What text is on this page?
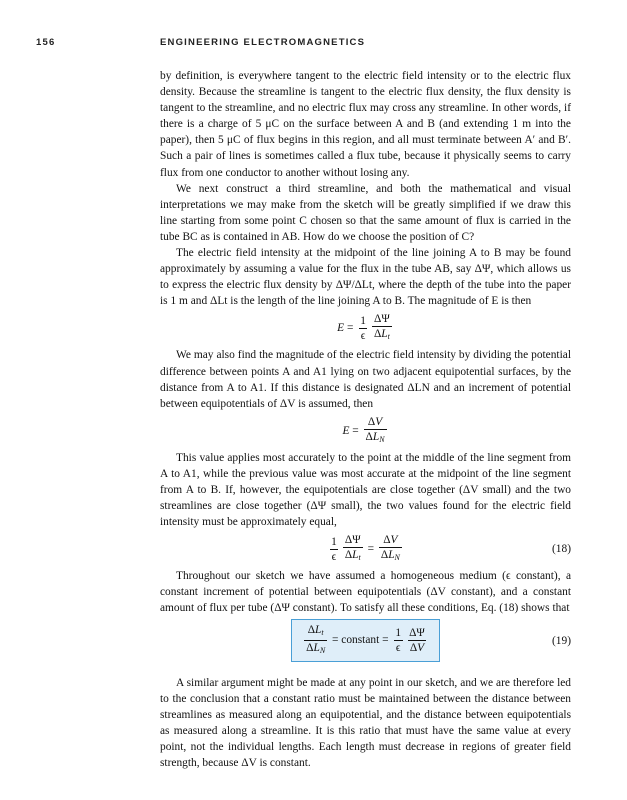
156	ENGINEERING ELECTROMAGNETICS

by definition, is everywhere tangent to the electric field intensity or to the electric flux density. Because the streamline is tangent to the electric flux density, the flux density is tangent to the streamline, and no electric flux may cross any streamline. In other words, if there is a charge of 5 μC on the surface between A and B (and extending 1 m into the paper), then 5 μC of flux begins in this region, and all must terminate between A′ and B′. Such a pair of lines is sometimes called a flux tube, because it physically seems to carry flux from one conductor to another without losing any.

We next construct a third streamline, and both the mathematical and visual interpretations we may make from the sketch will be greatly simplified if we draw this line starting from some point C chosen so that the same amount of flux is carried in the tube BC as is contained in AB. How do we choose the position of C?

The electric field intensity at the midpoint of the line joining A to B may be found approximately by assuming a value for the flux in the tube AB, say ΔΨ, which allows us to express the electric flux density by ΔΨ/ΔLt, where the depth of the tube into the paper is 1 m and ΔLt is the length of the line joining A to B. The magnitude of E is then

$E = \frac{1}{\epsilon} \frac{\Delta\Psi}{\Delta L_t}$

We may also find the magnitude of the electric field intensity by dividing the potential difference between points A and A1 lying on two adjacent equipotential surfaces, by the distance from A to A1. If this distance is designated ΔLN and an increment of potential between equipotentials of ΔV is assumed, then

$E = \frac{\Delta V}{\Delta L_N}$

This value applies most accurately to the point at the middle of the line segment from A to A1, while the previous value was most accurate at the midpoint of the line segment from A to B. If, however, the equipotentials are close together (ΔV small) and the two streamlines are close together (ΔΨ small), the two values found for the electric field intensity must be approximately equal,

$\frac{1}{\epsilon} \frac{\Delta\Psi}{\Delta L_t} = \frac{\Delta V}{\Delta L_N}$	(18)

Throughout our sketch we have assumed a homogeneous medium (ϵ constant), a constant increment of potential between equipotentials (ΔV constant), and a constant amount of flux per tube (ΔΨ constant). To satisfy all these conditions, Eq. (18) shows that

$\frac{\Delta L_t}{\Delta L_N}$ = constant = $\frac{1}{\epsilon} \frac{\Delta\Psi}{\Delta V}$	(19)

A similar argument might be made at any point in our sketch, and we are therefore led to the conclusion that a constant ratio must be maintained between the distance between streamlines as measured along an equipotential, and the distance between equipotentials as measured along a streamline. It is this ratio that must have the same value at every point, not the individual lengths. Each length must decrease in regions of greater field strength, because ΔV is constant.
